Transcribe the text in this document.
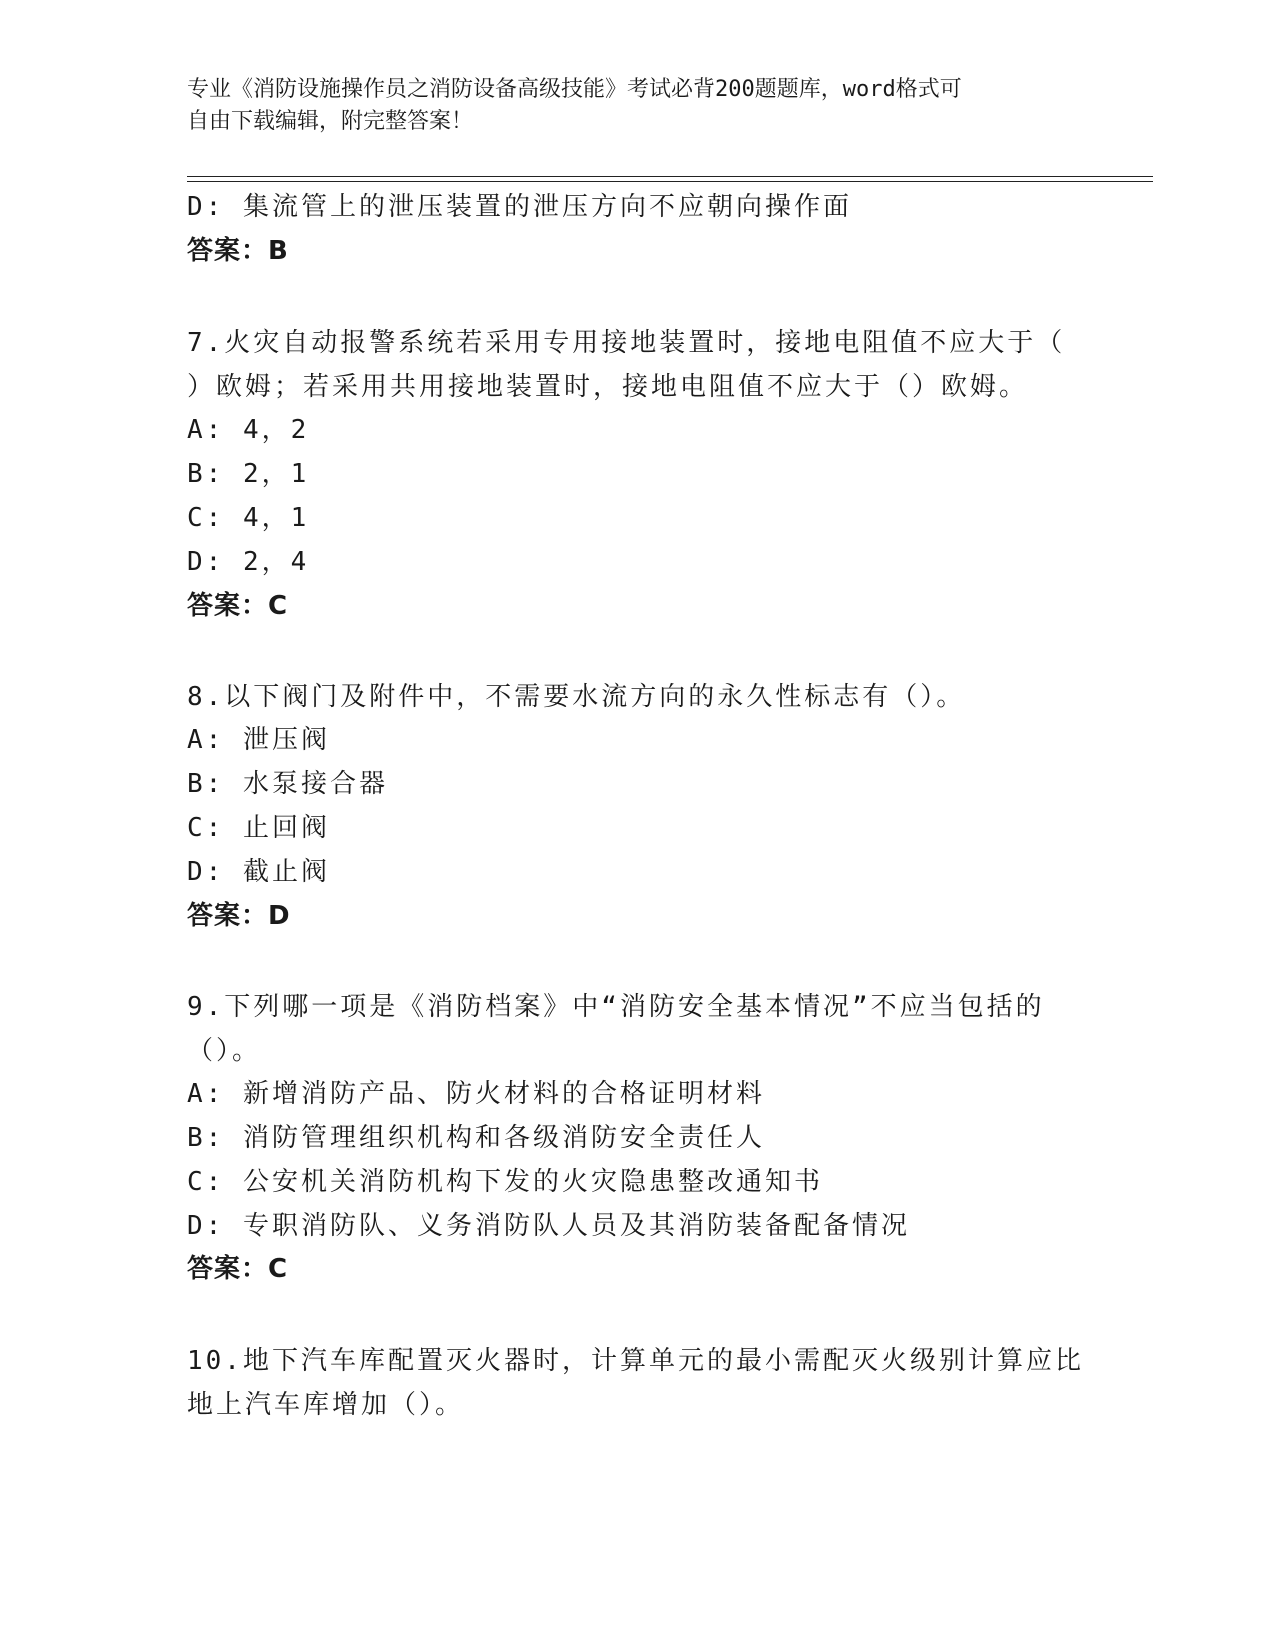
专业《消防设施操作员之消防设备高级技能》考试必背200题题库，word格式可
自由下载编辑，附完整答案！
D: 集流管上的泄压装置的泄压方向不应朝向操作面
答案：B
7.火灾自动报警系统若采用专用接地装置时，接地电阻值不应大于（
）欧姆；若采用共用接地装置时，接地电阻值不应大于（）欧姆。
A: 4，2
B: 2，1
C: 4，1
D: 2，4
答案：C
8.以下阀门及附件中，不需要水流方向的永久性标志有（）。
A: 泄压阀
B: 水泵接合器
C: 止回阀
D: 截止阀
答案：D
9.下列哪一项是《消防档案》中“消防安全基本情况”不应当包括的
（）。
A: 新增消防产品、防火材料的合格证明材料
B: 消防管理组织机构和各级消防安全责任人
C: 公安机关消防机构下发的火灾隐患整改通知书
D: 专职消防队、义务消防队人员及其消防装备配备情况
答案：C
10.地下汽车库配置灭火器时，计算单元的最小需配灭火级别计算应比
地上汽车库增加（）。
